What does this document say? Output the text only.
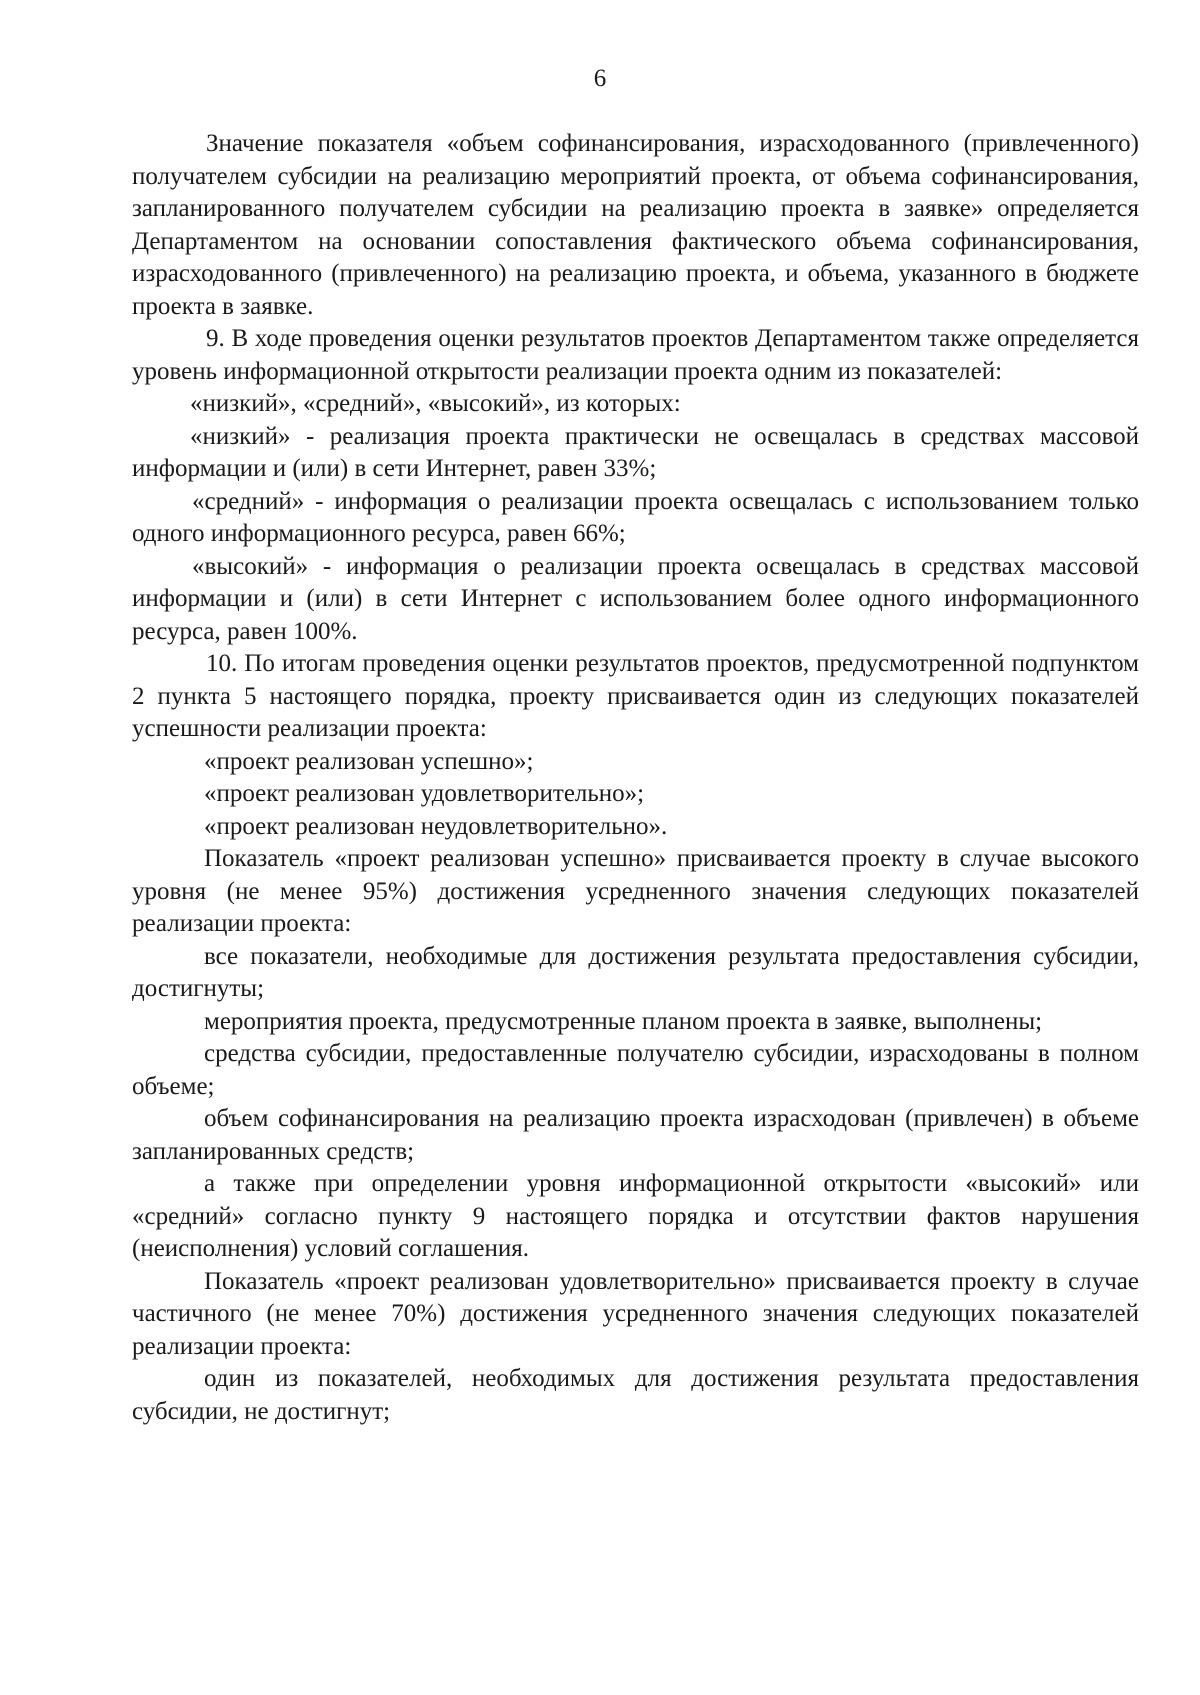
6

Значение показателя «объем софинансирования, израсходованного (привлеченного) получателем субсидии на реализацию мероприятий проекта, от объема софинансирования, запланированного получателем субсидии на реализацию проекта в заявке» определяется Департаментом на основании сопоставления фактического объема софинансирования, израсходованного (привлеченного) на реализацию проекта, и объема, указанного в бюджете проекта в заявке.

9. В ходе проведения оценки результатов проектов Департаментом также определяется уровень информационной открытости реализации проекта одним из показателей:

«низкий», «средний», «высокий», из которых:

«низкий» - реализация проекта практически не освещалась в средствах массовой информации и (или) в сети Интернет, равен 33%;

«средний» - информация о реализации проекта освещалась с использованием только одного информационного ресурса, равен 66%;

«высокий» - информация о реализации проекта освещалась в средствах массовой информации и (или) в сети Интернет с использованием более одного информационного ресурса, равен 100%.

10. По итогам проведения оценки результатов проектов, предусмотренной подпунктом 2 пункта 5 настоящего порядка, проекту присваивается один из следующих показателей успешности реализации проекта:

«проект реализован успешно»;

«проект реализован удовлетворительно»;

«проект реализован неудовлетворительно».

Показатель «проект реализован успешно» присваивается проекту в случае высокого уровня (не менее 95%) достижения усредненного значения следующих показателей реализации проекта:

все показатели, необходимые для достижения результата предоставления субсидии, достигнуты;

мероприятия проекта, предусмотренные планом проекта в заявке, выполнены;

средства субсидии, предоставленные получателю субсидии, израсходованы в полном объеме;

объем софинансирования на реализацию проекта израсходован (привлечен) в объеме запланированных средств;

а также при определении уровня информационной открытости «высокий» или «средний» согласно пункту 9 настоящего порядка и отсутствии фактов нарушения (неисполнения) условий соглашения.

Показатель «проект реализован удовлетворительно» присваивается проекту в случае частичного (не менее 70%) достижения усредненного значения следующих показателей реализации проекта:

один из показателей, необходимых для достижения результата предоставления субсидии, не достигнут;
